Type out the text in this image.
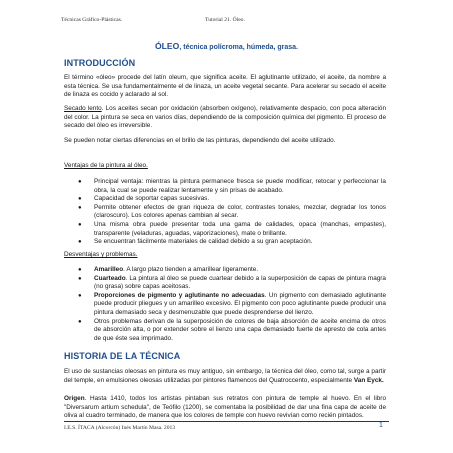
Técnicas Gráfico-Plásticas.	Tutorial 21. Óleo.
ÓLEO, técnica polícroma, húmeda, grasa.
INTRODUCCIÓN
El término «óleo» procede del latín oleum, que significa aceite. El aglutinante utilizado, el aceite, da nombre a esta técnica. Se usa fundamentalmente el de linaza, un aceite vegetal secante. Para acelerar su secado el aceite de linaza es cocido y aclarado al sol.
Secado lento. Los aceites secan por oxidación (absorben oxígeno), relativamente despacio, con poca alteración del color. La pintura se seca en varios días, dependiendo de la composición química del pigmento. El proceso de secado del óleo es irreversible.
Se pueden notar ciertas diferencias en el brillo de las pinturas, dependiendo del aceite utilizado.
Ventajas de la pintura al óleo.
● Principal ventaja: mientras la pintura permanece fresca se puede modificar, retocar y perfeccionar la obra, la cual se puede realizar lentamente y sin prisas de acabado.
● Capacidad de soportar capas sucesivas.
● Permite obtener efectos de gran riqueza de color, contrastes tonales, mezclar, degradar los tonos (claroscuro). Los colores apenas cambian al secar.
● Una misma obra puede presentar toda una gama de calidades, opaca (manchas, empastes), transparente (veladuras, aguadas, vaporizaciones), mate o brillante.
● Se encuentran fácilmente materiales de calidad debido a su gran aceptación.
Desventajas y problemas.
● Amarilleo. A largo plazo tienden a amarillear ligeramente.
● Cuarteado. La pintura al óleo se puede cuartear debido a la superposición de capas de pintura magra (no grasa) sobre capas aceitosas.
● Proporciones de pigmento y aglutinante no adecuadas. Un pigmento con demasiado aglutinante puede producir pliegues y un amarilleo excesivo. El pigmento con poco aglutinante puede producir una pintura demasiado seca y desmenuzable que puede desprenderse del lienzo.
● Otros problemas derivan de la superposición de colores de baja absorción de aceite encima de otros de absorción alta, o por extender sobre el lienzo una capa demasiado fuerte de apresto de cola antes de que éste sea imprimado.
HISTORIA DE LA TÉCNICA
El uso de sustancias oleosas en pintura es muy antiguo, sin embargo, la técnica del óleo, como tal, surge a partir del temple, en emulsiones oleosas utilizadas por pintores flamencos del Quatroccento, especialmente Van Eyck.
Origen. Hasta 1410, todos los artistas pintaban sus retratos con pintura de temple al huevo. En el libro "Diversarum artium schedula", de Teófilo (1200), se comentaba la posibilidad de dar una fina capa de aceite de oliva al cuadro terminado, de manera que los colores de temple con huevo revivían como recién pintados.
I.E.S. ÍTACA (Alcorcón) Inés Martín Masa. 2013	1
